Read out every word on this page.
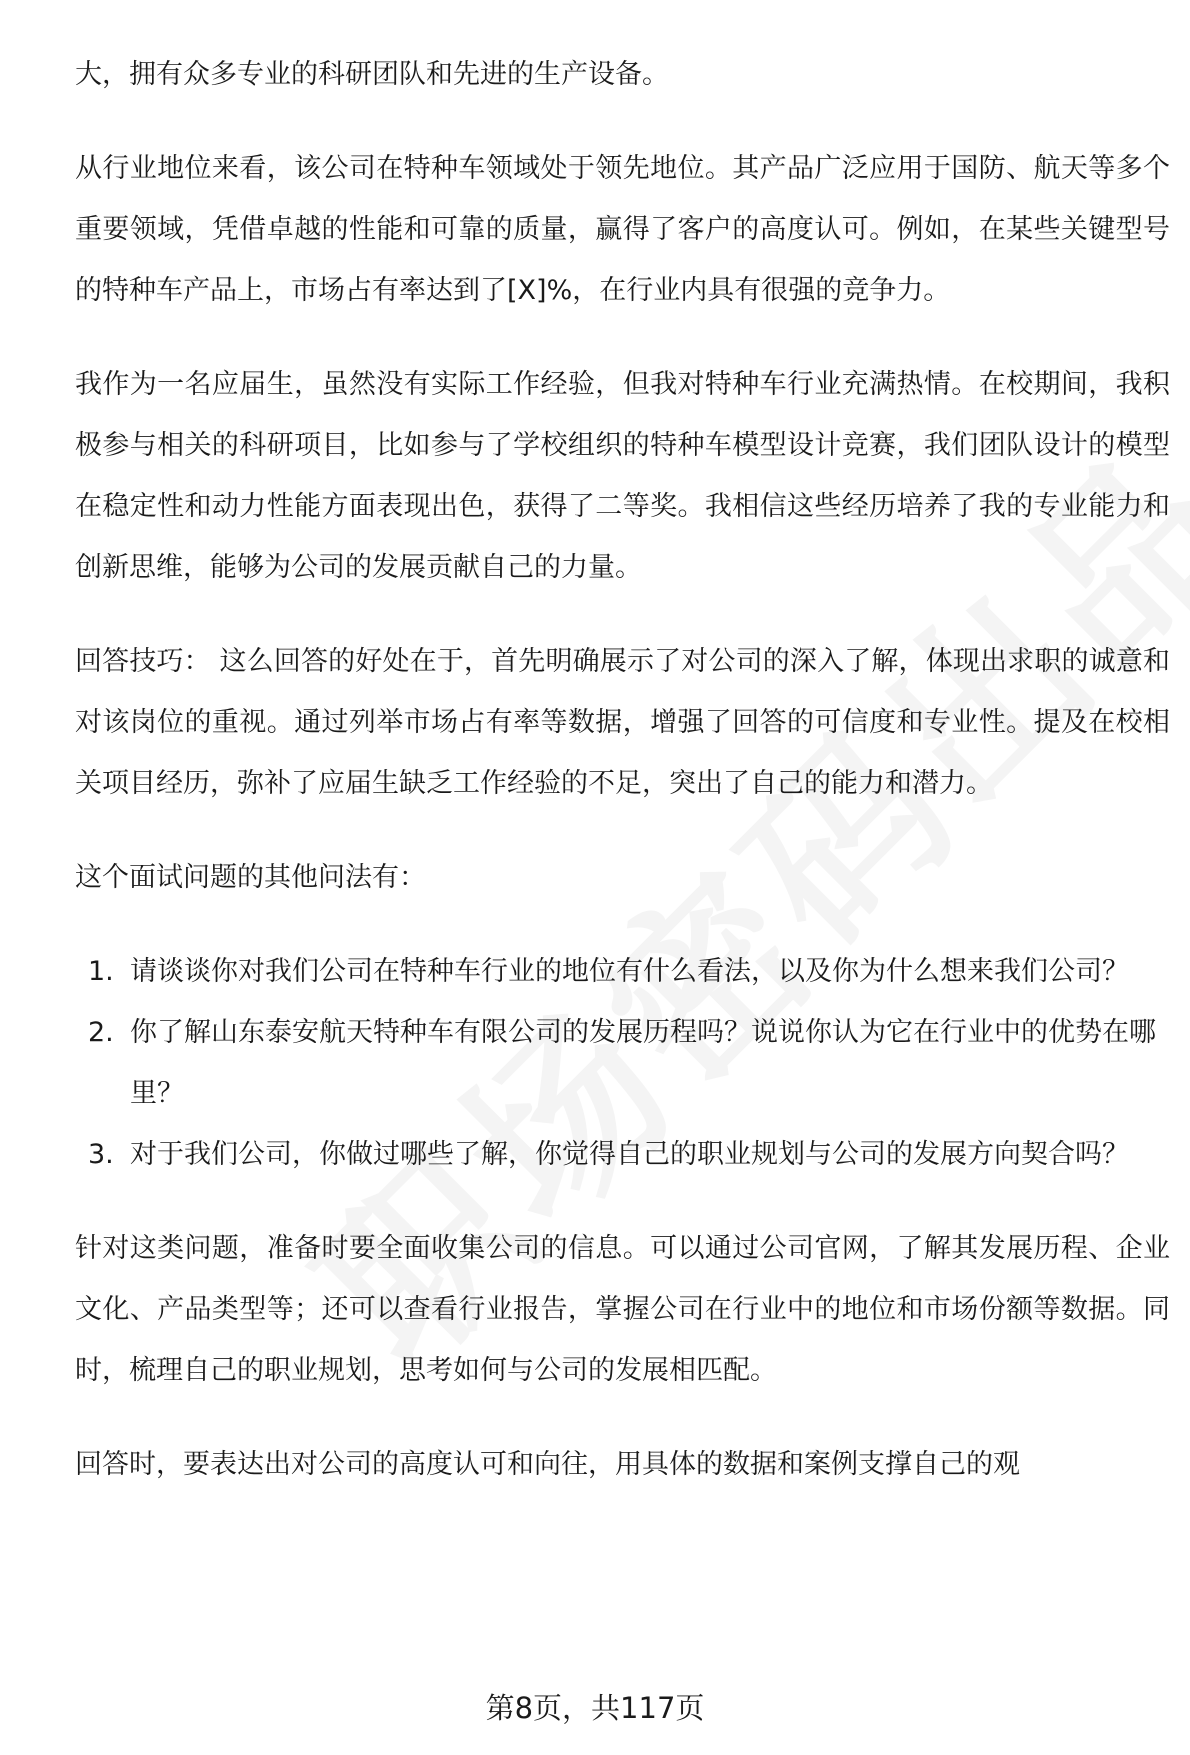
大，拥有众多专业的科研团队和先进的生产设备。

从行业地位来看，该公司在特种车领域处于领先地位。其产品广泛应用于国防、航天等多个重要领域，凭借卓越的性能和可靠的质量，赢得了客户的高度认可。例如，在某些关键型号的特种车产品上，市场占有率达到了[X]%，在行业内具有很强的竞争力。

我作为一名应届生，虽然没有实际工作经验，但我对特种车行业充满热情。在校期间，我积极参与相关的科研项目，比如参与了学校组织的特种车模型设计竞赛，我们团队设计的模型在稳定性和动力性能方面表现出色，获得了二等奖。我相信这些经历培养了我的专业能力和创新思维，能够为公司的发展贡献自己的力量。

回答技巧： 这么回答的好处在于，首先明确展示了对公司的深入了解，体现出求职的诚意和对该岗位的重视。通过列举市场占有率等数据，增强了回答的可信度和专业性。提及在校相关项目经历，弥补了应届生缺乏工作经验的不足，突出了自己的能力和潜力。

这个面试问题的其他问法有：

1. 请谈谈你对我们公司在特种车行业的地位有什么看法，以及你为什么想来我们公司？
2. 你了解山东泰安航天特种车有限公司的发展历程吗？说说你认为它在行业中的优势在哪里？
3. 对于我们公司，你做过哪些了解，你觉得自己的职业规划与公司的发展方向契合吗？

针对这类问题，准备时要全面收集公司的信息。可以通过公司官网，了解其发展历程、企业文化、产品类型等；还可以查看行业报告，掌握公司在行业中的地位和市场份额等数据。同时，梳理自己的职业规划，思考如何与公司的发展相匹配。

回答时，要表达出对公司的高度认可和向往，用具体的数据和案例支撑自己的观

第8页，共117页
